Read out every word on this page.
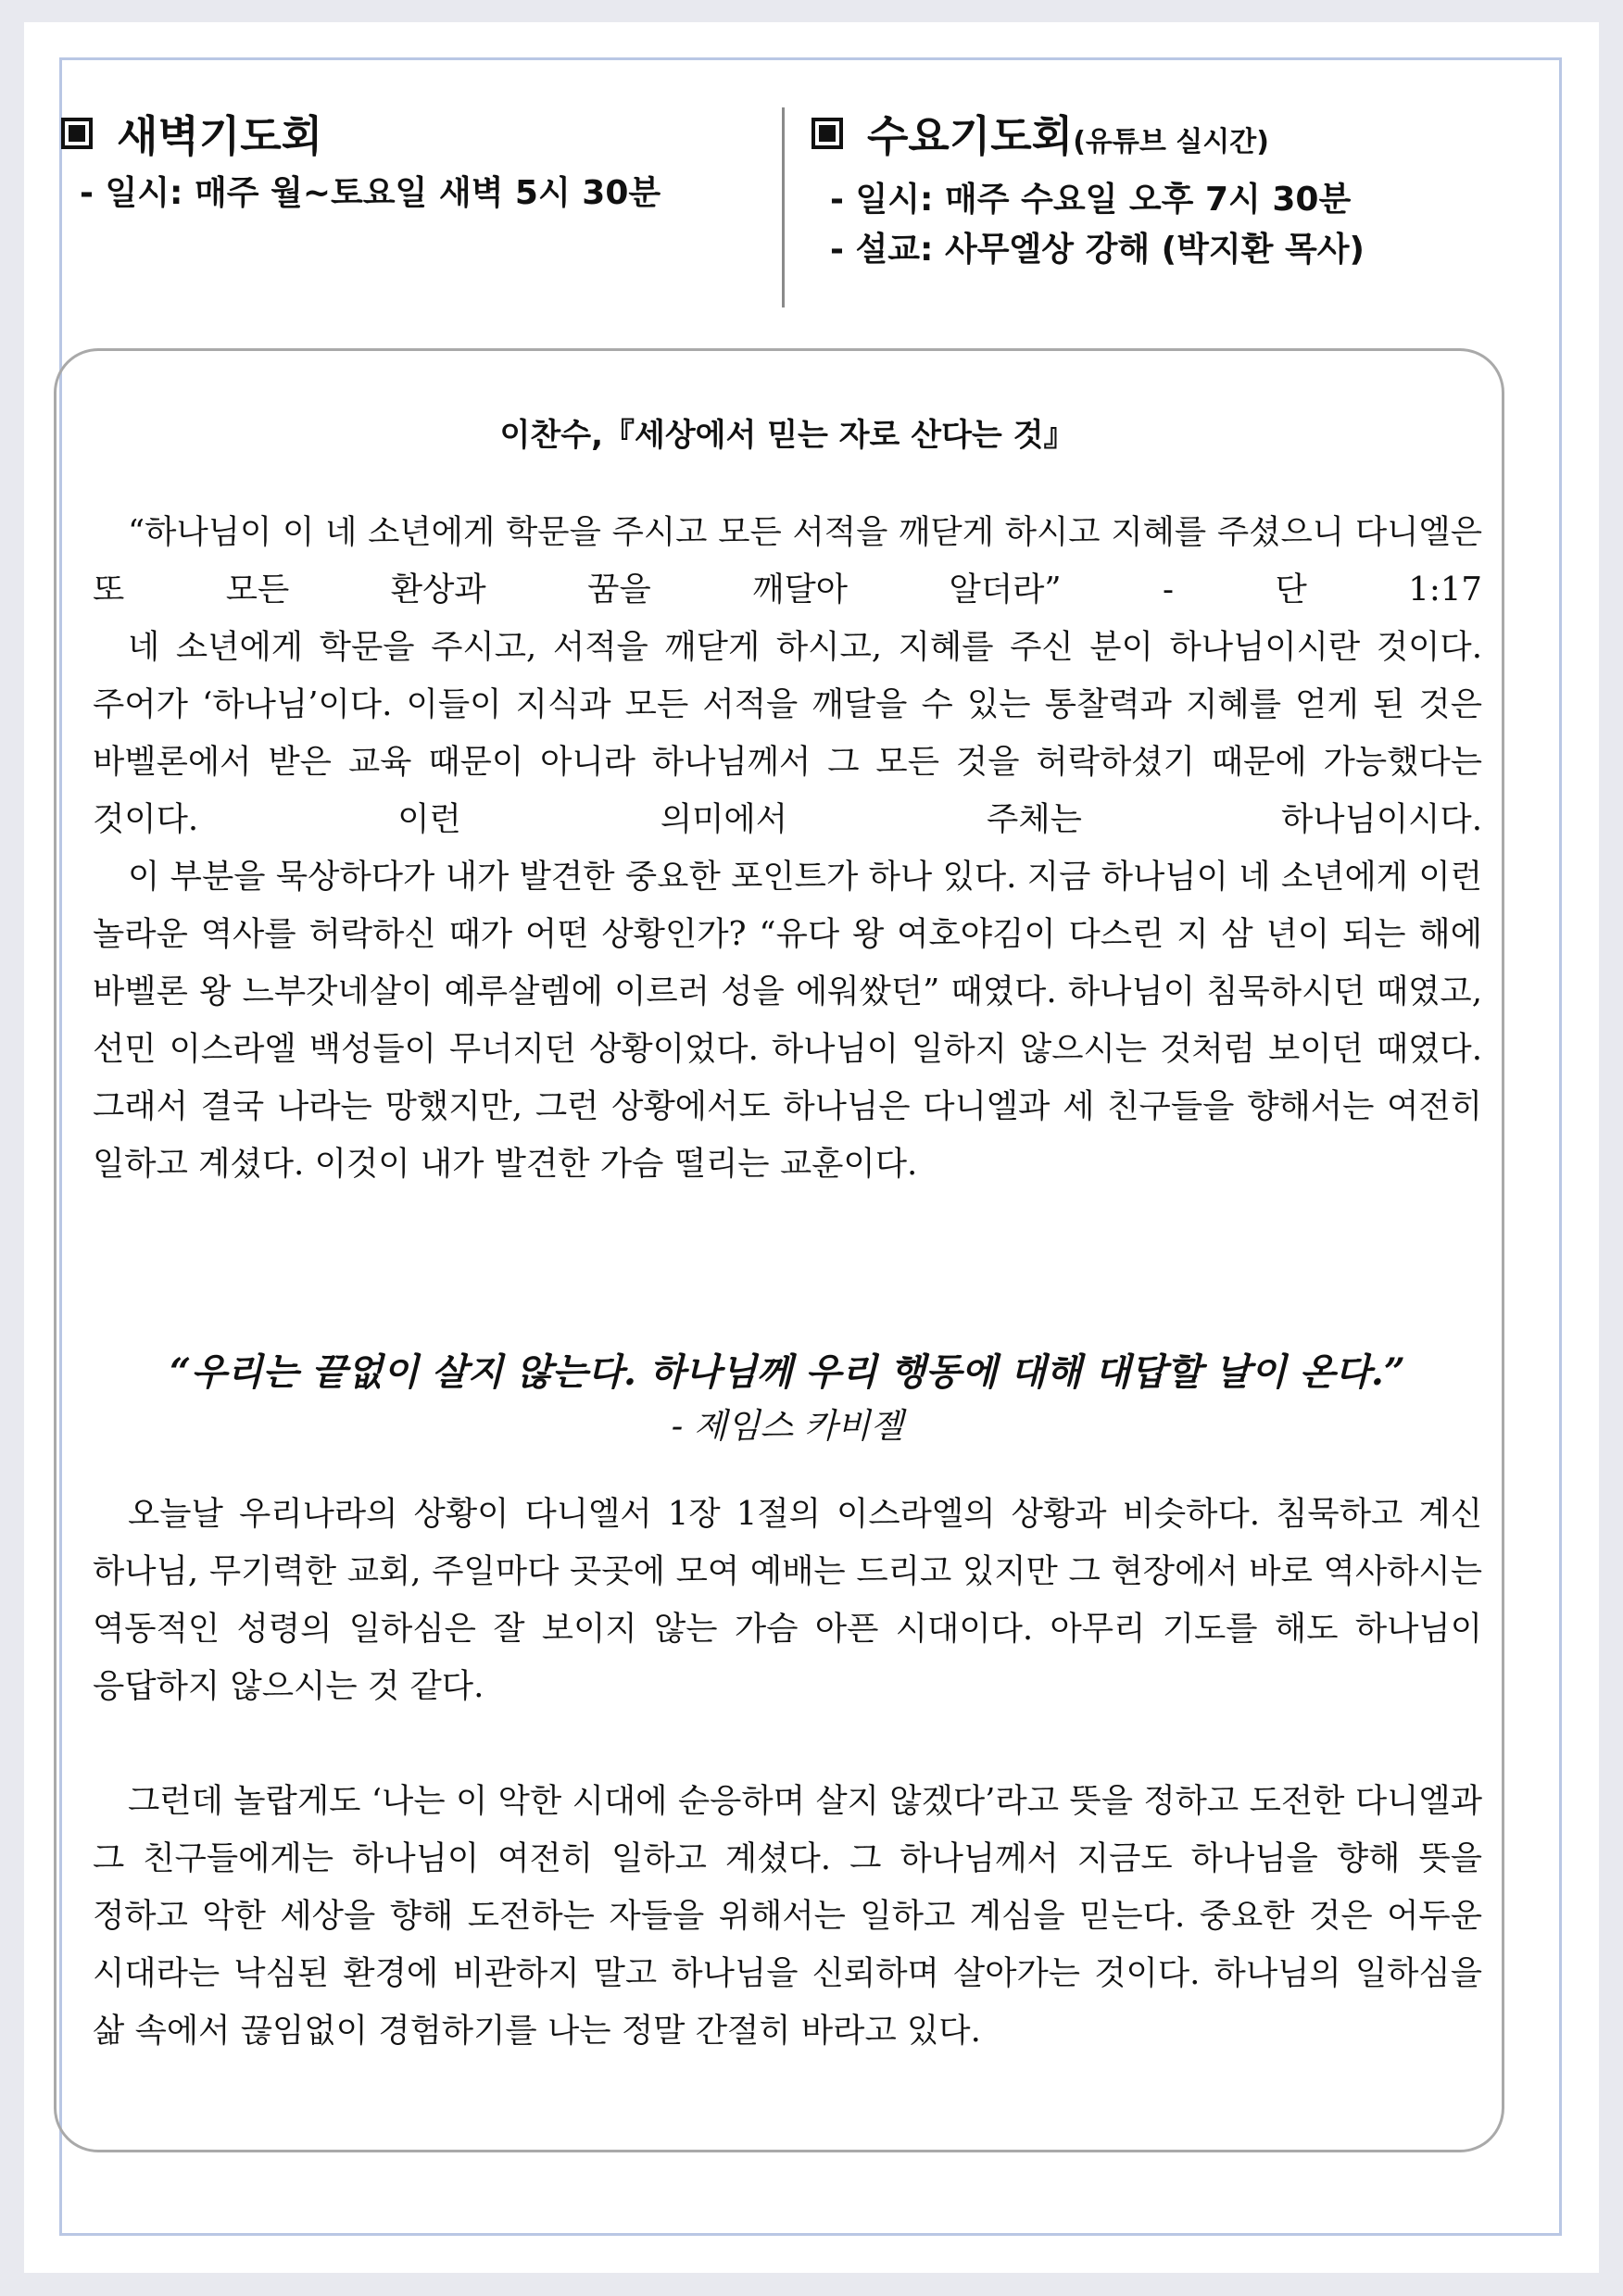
새벽기도회
- 일시: 매주 월~토요일 새벽 5시 30분
수요기도회(유튜브 실시간)
- 일시: 매주 수요일 오후 7시 30분
- 설교: 사무엘상 강해 (박지환 목사)
이찬수,『세상에서 믿는 자로 산다는 것』

“하나님이 이 네 소년에게 학문을 주시고 모든 서적을 깨닫게 하시고 지혜를 주셨으니 다니엘은 또 모든 환상과 꿈을 깨달아 알더라” - 단 1:17

네 소년에게 학문을 주시고, 서적을 깨닫게 하시고, 지혜를 주신 분이 하나님이시란 것이다. 주어가 ‘하나님’이다. 이들이 지식과 모든 서적을 깨달을 수 있는 통찰력과 지혜를 얻게 된 것은 바벨론에서 받은 교육 때문이 아니라 하나님께서 그 모든 것을 허락하셨기 때문에 가능했다는 것이다. 이런 의미에서 주체는 하나님이시다.

이 부분을 묵상하다가 내가 발견한 중요한 포인트가 하나 있다. 지금 하나님이 네 소년에게 이런 놀라운 역사를 허락하신 때가 어떤 상황인가? “유다 왕 여호야김이 다스린 지 삼 년이 되는 해에 바벨론 왕 느부갓네살이 예루살렘에 이르러 성을 에워쌌던” 때였다. 하나님이 침묵하시던 때였고, 선민 이스라엘 백성들이 무너지던 상황이었다. 하나님이 일하지 않으시는 것처럼 보이던 때였다. 그래서 결국 나라는 망했지만, 그런 상황에서도 하나님은 다니엘과 세 친구들을 향해서는 여전히 일하고 계셨다. 이것이 내가 발견한 가슴 떨리는 교훈이다.

“우리는 끝없이 살지 않는다. 하나님께 우리 행동에 대해 대답할 날이 온다.”
- 제임스 카비젤

오늘날 우리나라의 상황이 다니엘서 1장 1절의 이스라엘의 상황과 비슷하다. 침묵하고 계신 하나님, 무기력한 교회, 주일마다 곳곳에 모여 예배는 드리고 있지만 그 현장에서 바로 역사하시는 역동적인 성령의 일하심은 잘 보이지 않는 가슴 아픈 시대이다. 아무리 기도를 해도 하나님이 응답하지 않으시는 것 같다.

그런데 놀랍게도 ‘나는 이 악한 시대에 순응하며 살지 않겠다’라고 뜻을 정하고 도전한 다니엘과 그 친구들에게는 하나님이 여전히 일하고 계셨다. 그 하나님께서 지금도 하나님을 향해 뜻을 정하고 악한 세상을 향해 도전하는 자들을 위해서는 일하고 계심을 믿는다. 중요한 것은 어두운 시대라는 낙심된 환경에 비관하지 말고 하나님을 신뢰하며 살아가는 것이다. 하나님의 일하심을 삶 속에서 끊임없이 경험하기를 나는 정말 간절히 바라고 있다.
